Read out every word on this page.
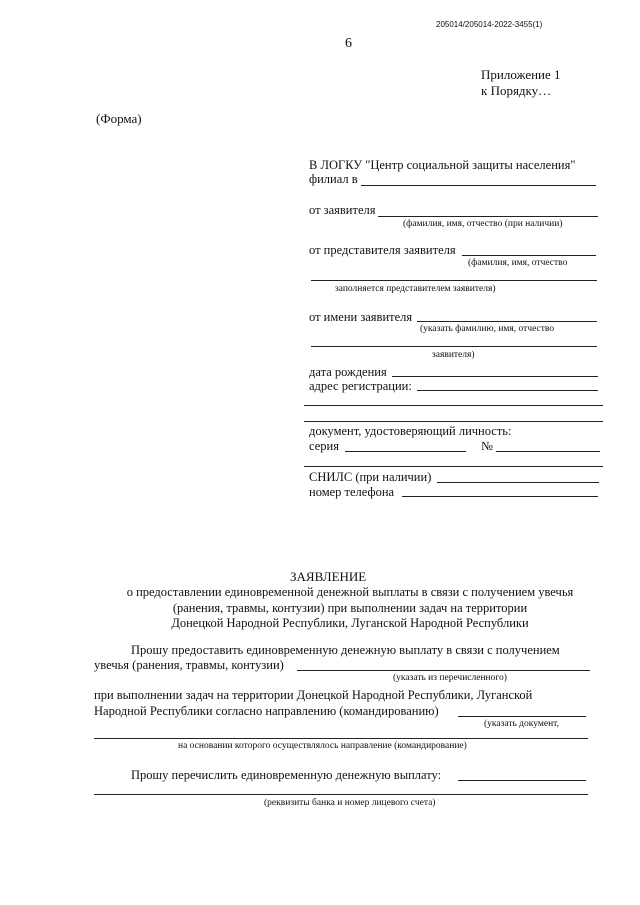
205014/205014-2022-3455(1)
6
Приложение 1
к Порядку…
(Форма)
В ЛОГКУ "Центр социальной защиты населения"
филиал в
от заявителя
(фамилия, имя, отчество (при наличии)
от представителя заявителя
(фамилия, имя, отчество
заполняется представителем заявителя)
от имени заявителя
(указать фамилию, имя, отчество
заявителя)
дата рождения
адрес регистрации:
документ, удостоверяющий личность:
серия	№
СНИЛС (при наличии)
номер телефона
ЗАЯВЛЕНИЕ
о предоставлении единовременной денежной выплаты в связи с получением увечья
(ранения, травмы, контузии) при выполнении задач на территории
Донецкой Народной Республики, Луганской Народной Республики
Прошу предоставить единовременную денежную выплату в связи с получением
увечья (ранения, травмы, контузии)
(указать из перечисленного)
при выполнении задач на территории Донецкой Народной Республики, Луганской
Народной Республики согласно направлению (командированию)
(указать документ,
на основании которого осуществлялось направление (командирование)
Прошу перечислить единовременную денежную выплату:
(реквизиты банка и номер лицевого счета)
